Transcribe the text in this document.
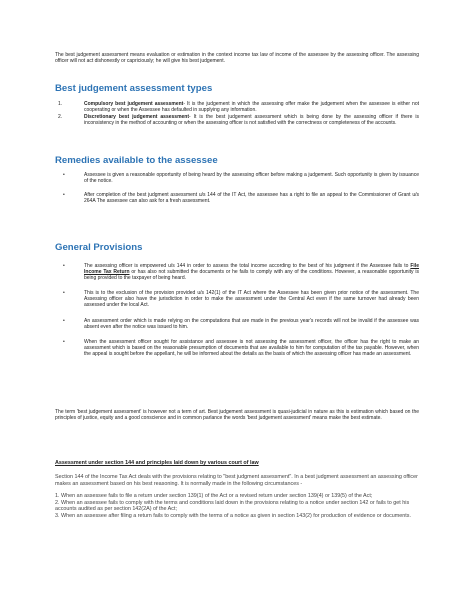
The best judgement assessment means evaluation or estimation in the context income tax law of income of the assessee by the assessing officer. The assessing officer will not act dishonestly or capriciously; he will give his best judgement.

Best judgement assessment types
1.	Compulsory best judgement assessment- It is the judgement in which the assessing offer make the judgement when the assessee is either not cooperating or when the Assessee has defaulted in supplying any information.
2.	Discretionary best judgement assessment- It is the best judgement assessment which is being done by the assessing officer if there is inconsistency in the method of accounting or when the assessing officer is not satisfied with the correctness or completeness of the accounts.
Remedies available to the assessee
•	Assessee is given a reasonable opportunity of being heard by the assessing officer before making a judgement. Such opportunity is given by issuance of the notice.
•	After completion of the best judgment assessment u/s 144 of the IT Act, the assessee has a right to file an appeal to the Commissioner of Grant u/s 264A The assessee can also ask for a fresh assessment.
General Provisions
•	The assessing officer is empowered u/s 144 in order to assess the total income according to the best of his judgment if the Assessee fails to File Income Tax Return or has also not submitted the documents or he fails to comply with any of the conditions. However, a reasonable opportunity is being provided to the taxpayer of being heard.
•	This is to the exclusion of the provision provided u/s 142(1) of the IT Act where the Assessee has been given prior notice of the assessment. The Assessing officer also have the jurisdiction in order to make the assessment under the Central Act even if the same turnover had already been assessed under the local Act.
•	An assessment order which is made relying on the computations that are made in the previous year's records will not be invalid if the assessee was absent even after the notice was issued to him.
•	When the assessment officer sought for assistance and assessee is not assessing the assessment officer, the officer has the right to make an assessment which is based on the reasonable presumption of documents that are available to him for computation of the tax payable. However, when the appeal is sought before the appellant, he will be informed about the details as the basis of which the assessing officer has made an assessment.

The term 'best judgement assessment' is however not a term of art. Best judgement assessment is quasi-judicial in nature as this is estimation which based on the principles of justice, equity and a good conscience and in common parlance the words 'best judgement assessment' means make the best estimate.

Assessment under section 144 and principles laid down by various court of law

Section 144 of the Income Tax Act deals with the provisions relating to "best judgment assessment". In a best judgment assessment an assessing officer makes an assessment based on his best reasoning. It is normally made in the following circumstances -

1. When an assessee fails to file a return under section 139(1) of the Act or a revised return under section 139(4) or 139(5) of the Act;

2. When an assessee fails to comply with the terms and conditions laid down in the provisions relating to a notice under section 142 or fails to get his accounts audited as per section 142(2A) of the Act;

3. When an assessee after filing a return fails to comply with the terms of a notice as given in section 143(2) for production of evidence or documents.
